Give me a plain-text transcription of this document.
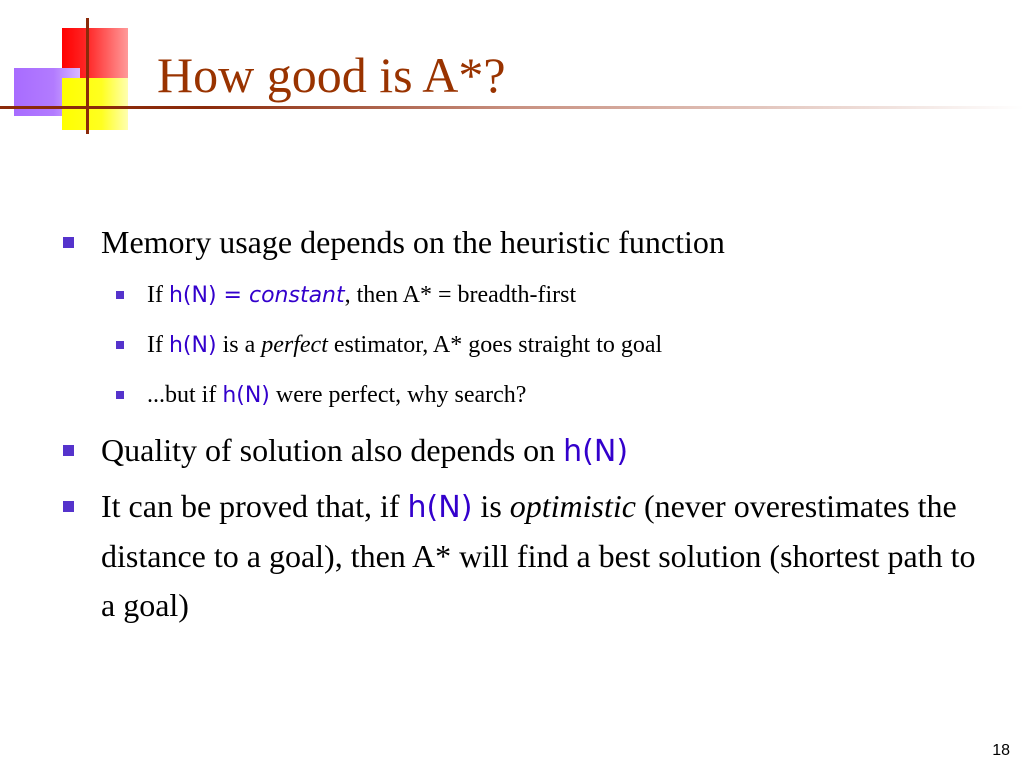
How good is A*?
Memory usage depends on the heuristic function
If h(N) = constant, then A* = breadth-first
If h(N) is a perfect estimator, A* goes straight to goal
...but if h(N) were perfect, why search?
Quality of solution also depends on h(N)
It can be proved that, if h(N) is optimistic (never overestimates the distance to a goal), then A* will find a best solution (shortest path to a goal)
18
